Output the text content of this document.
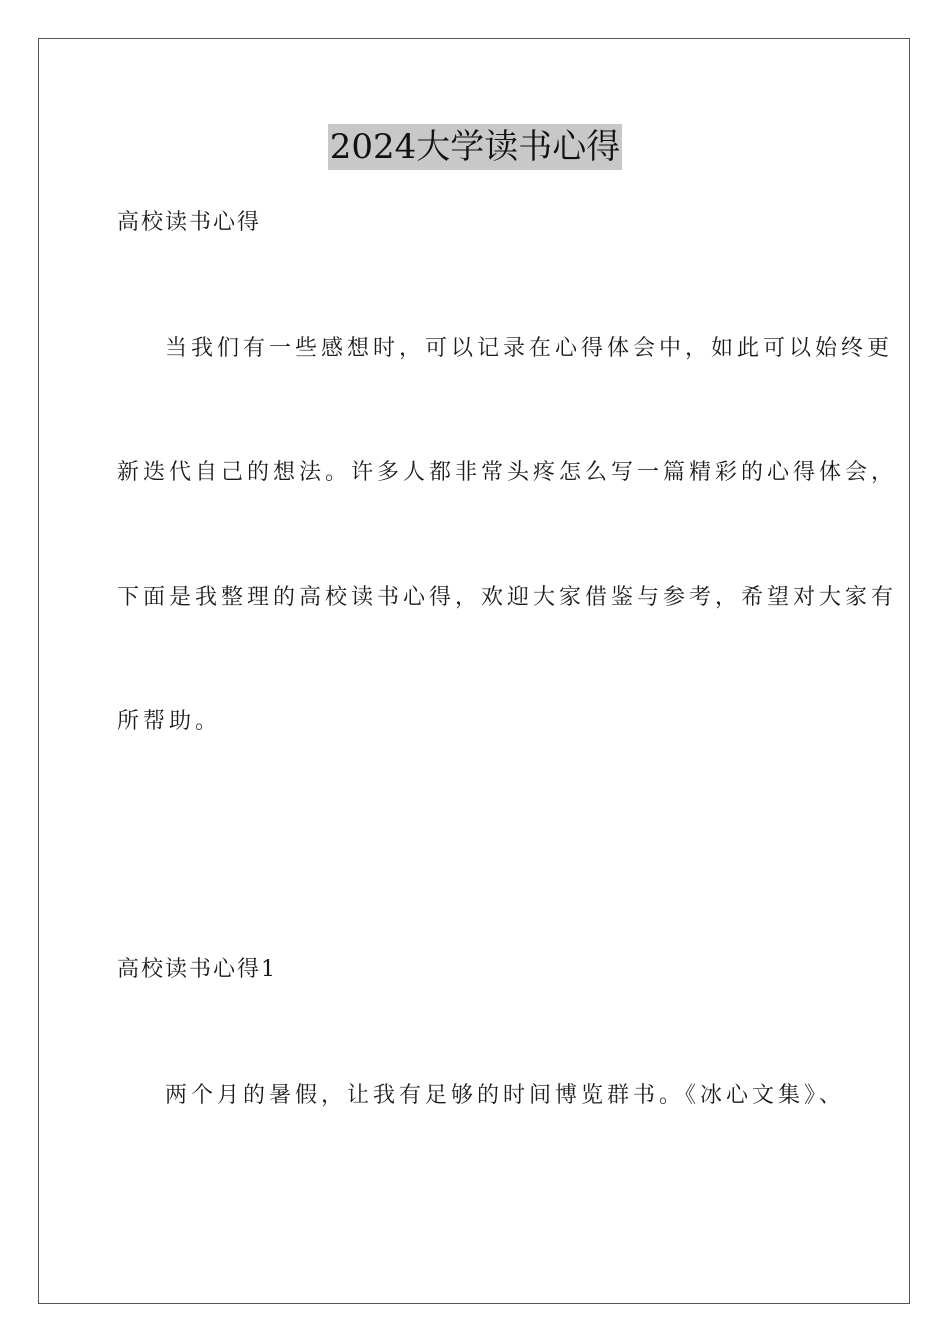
2024大学读书心得
高校读书心得
当我们有一些感想时，可以记录在心得体会中，如此可以始终更
新迭代自己的想法。许多人都非常头疼怎么写一篇精彩的心得体会，
下面是我整理的高校读书心得，欢迎大家借鉴与参考，希望对大家有
所帮助。
高校读书心得1
两个月的暑假，让我有足够的时间博览群书。《冰心文集》、
